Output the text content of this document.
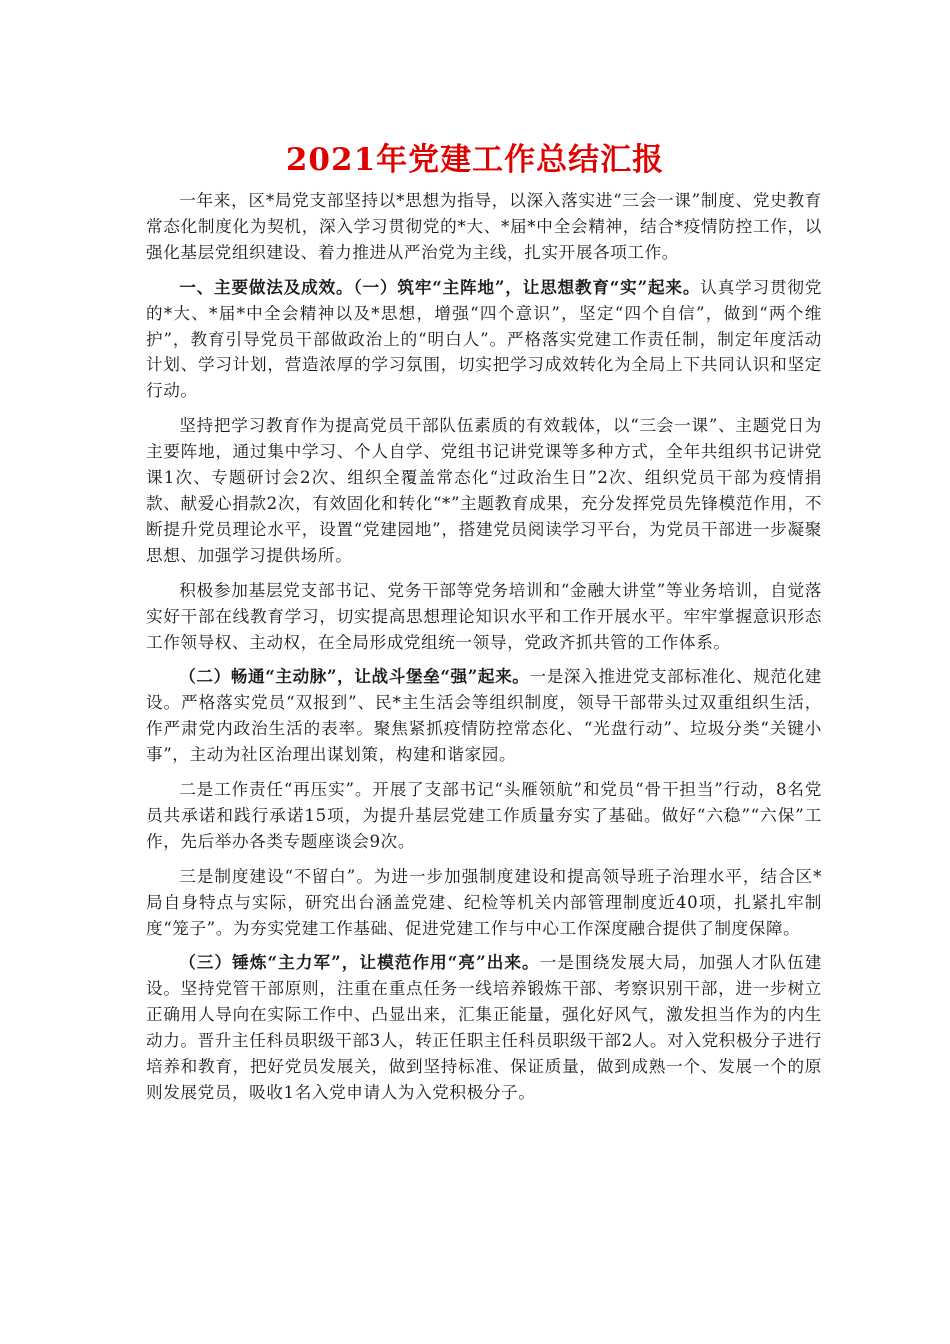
2021年党建工作总结汇报

一年来，区*局党支部坚持以*思想为指导，以深入落实进“三会一课”制度、党史教育常态化制度化为契机，深入学习贯彻党的*大、*届*中全会精神，结合*疫情防控工作，以强化基层党组织建设、着力推进从严治党为主线，扎实开展各项工作。

一、主要做法及成效。（一）筑牢“主阵地”，让思想教育“实”起来。认真学习贯彻党的*大、*届*中全会精神以及*思想，增强“四个意识”，坚定“四个自信”，做到“两个维护”，教育引导党员干部做政治上的“明白人”。严格落实党建工作责任制，制定年度活动计划、学习计划，营造浓厚的学习氛围，切实把学习成效转化为全局上下共同认识和坚定行动。

坚持把学习教育作为提高党员干部队伍素质的有效载体，以“三会一课”、主题党日为主要阵地，通过集中学习、个人自学、党组书记讲党课等多种方式，全年共组织书记讲党课1次、专题研讨会2次、组织全覆盖常态化“过政治生日”2次、组织党员干部为疫情捐款、献爱心捐款2次，有效固化和转化“*”主题教育成果，充分发挥党员先锋模范作用，不断提升党员理论水平，设置“党建园地”，搭建党员阅读学习平台，为党员干部进一步凝聚思想、加强学习提供场所。

积极参加基层党支部书记、党务干部等党务培训和“金融大讲堂”等业务培训，自觉落实好干部在线教育学习，切实提高思想理论知识水平和工作开展水平。牢牢掌握意识形态工作领导权、主动权，在全局形成党组统一领导，党政齐抓共管的工作体系。

（二）畅通“主动脉”，让战斗堡垒“强”起来。一是深入推进党支部标准化、规范化建设。严格落实党员“双报到”、民*主生活会等组织制度，领导干部带头过双重组织生活，作严肃党内政治生活的表率。聚焦紧抓疫情防控常态化、“光盘行动”、垃圾分类“关键小事”，主动为社区治理出谋划策，构建和谐家园。

二是工作责任“再压实”。开展了支部书记“头雁领航”和党员“骨干担当”行动，8名党员共承诺和践行承诺15项，为提升基层党建工作质量夯实了基础。做好“六稳”“六保”工作，先后举办各类专题座谈会9次。

三是制度建设“不留白”。为进一步加强制度建设和提高领导班子治理水平，结合区*局自身特点与实际，研究出台涵盖党建、纪检等机关内部管理制度近40项，扎紧扎牢制度“笼子”。为夯实党建工作基础、促进党建工作与中心工作深度融合提供了制度保障。

（三）锤炼“主力军”，让模范作用“亮”出来。一是围绕发展大局，加强人才队伍建设。坚持党管干部原则，注重在重点任务一线培养锻炼干部、考察识别干部，进一步树立正确用人导向在实际工作中、凸显出来，汇集正能量，强化好风气，激发担当作为的内生动力。晋升主任科员职级干部3人，转正任职主任科员职级干部2人。对入党积极分子进行培养和教育，把好党员发展关，做到坚持标准、保证质量，做到成熟一个、发展一个的原则发展党员，吸收1名入党申请人为入党积极分子。
